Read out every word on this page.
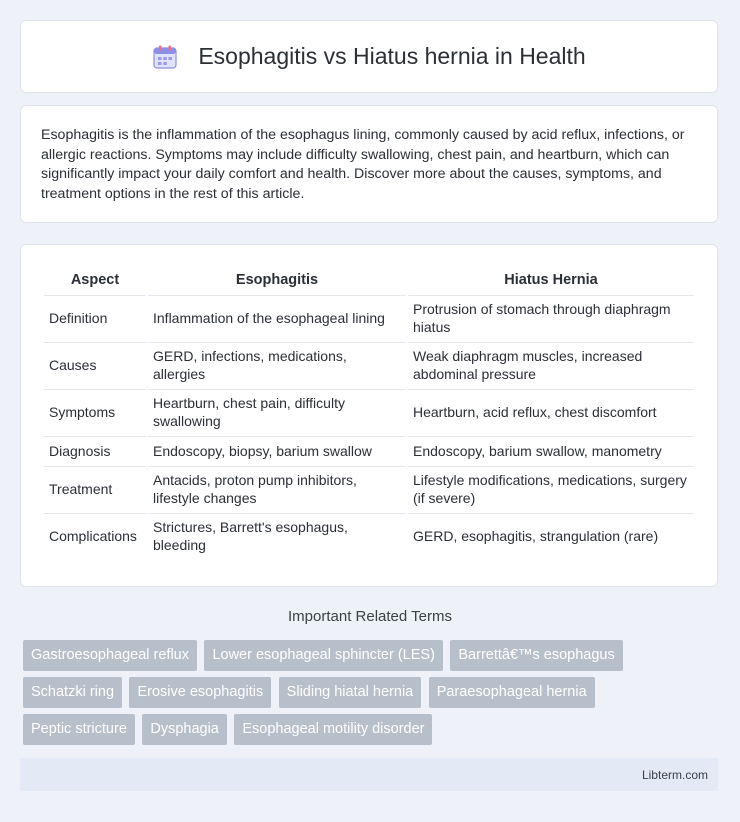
Esophagitis vs Hiatus hernia in Health

Esophagitis is the inflammation of the esophagus lining, commonly caused by acid reflux, infections, or allergic reactions. Symptoms may include difficulty swallowing, chest pain, and heartburn, which can significantly impact your daily comfort and health. Discover more about the causes, symptoms, and treatment options in the rest of this article.

Aspect	Esophagitis	Hiatus Hernia
Definition	Inflammation of the esophageal lining	Protrusion of stomach through diaphragm hiatus
Causes	GERD, infections, medications, allergies	Weak diaphragm muscles, increased abdominal pressure
Symptoms	Heartburn, chest pain, difficulty swallowing	Heartburn, acid reflux, chest discomfort
Diagnosis	Endoscopy, biopsy, barium swallow	Endoscopy, barium swallow, manometry
Treatment	Antacids, proton pump inhibitors, lifestyle changes	Lifestyle modifications, medications, surgery (if severe)
Complications	Strictures, Barrett's esophagus, bleeding	GERD, esophagitis, strangulation (rare)
Important Related Terms
Gastroesophageal reflux Lower esophageal sphincter (LES) Barrettâ€™s esophagus Schatzki ring Erosive esophagitis Sliding hiatal hernia Paraesophageal hernia Peptic stricture Dysphagia Esophageal motility disorder
Libterm.com
